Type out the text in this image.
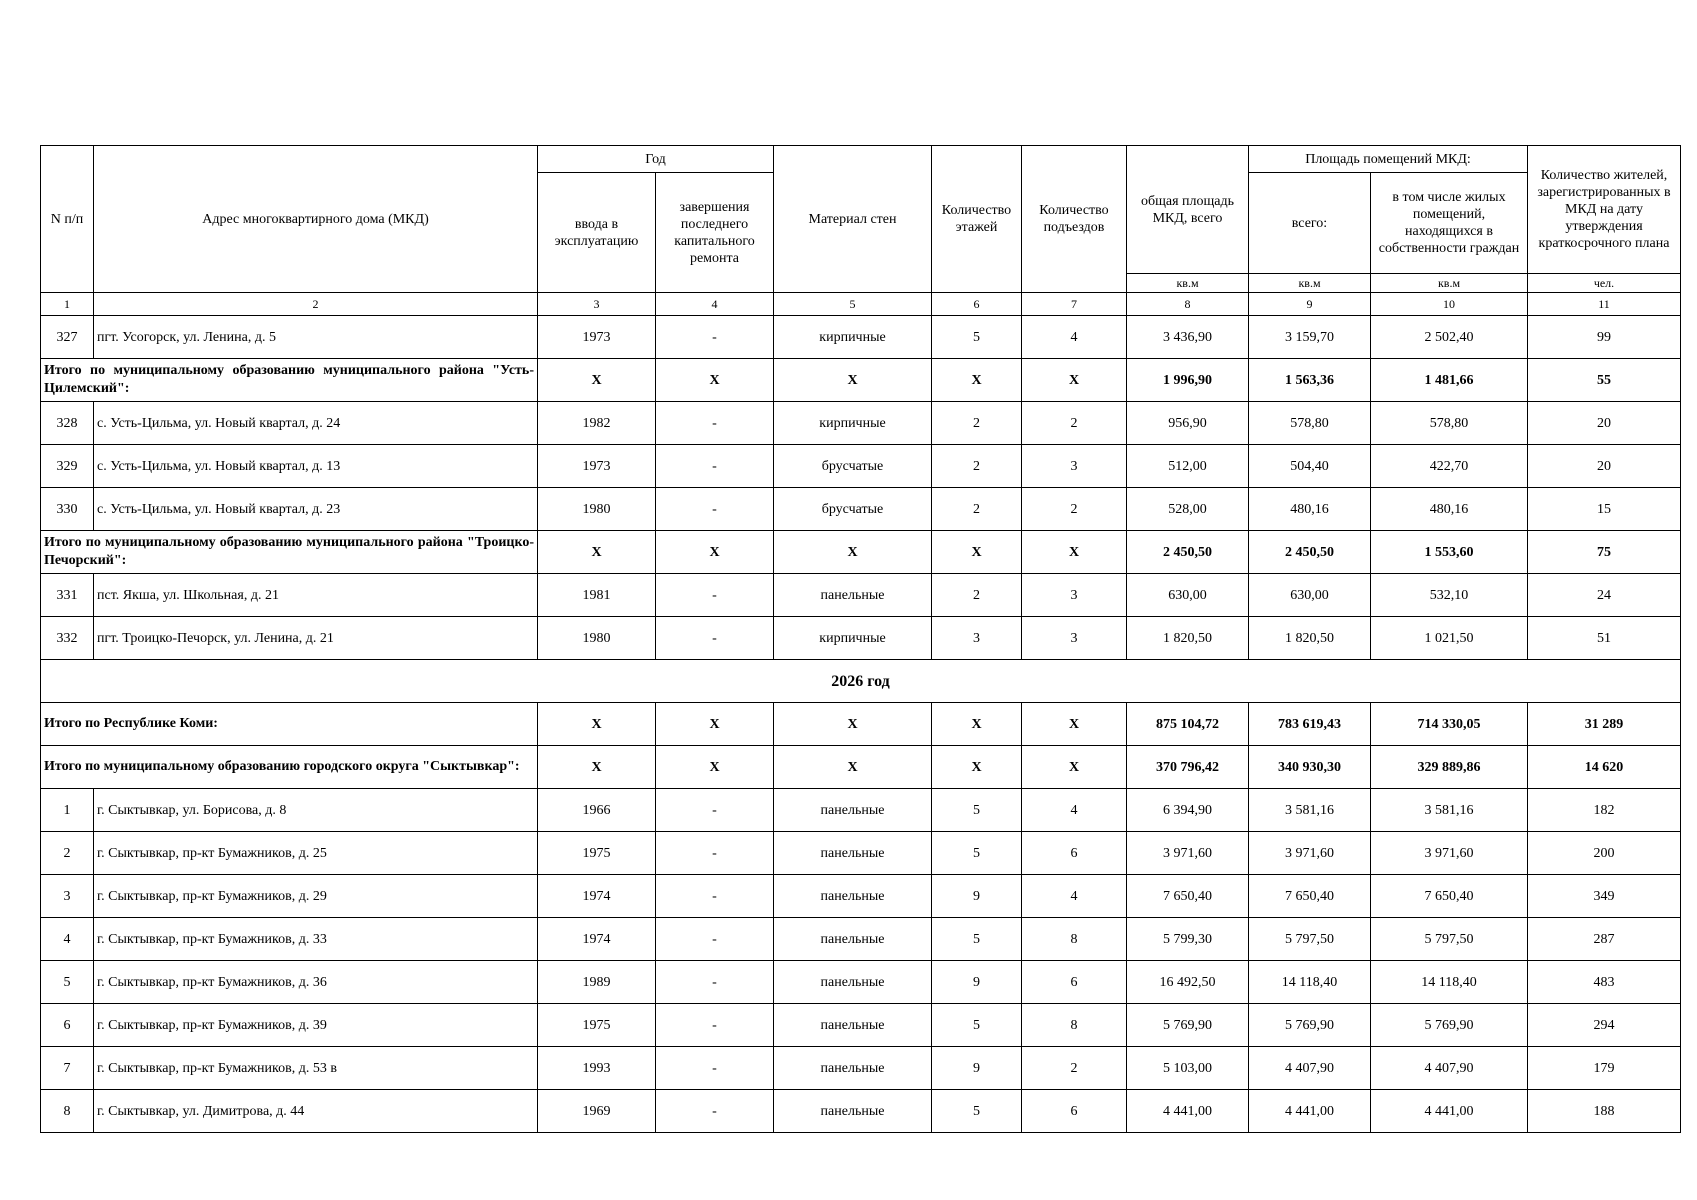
N п/п	Адрес многоквартирного дома (МКД)	Год		Материал стен	Количество этажей	Количество подъездов	общая площадь МКД, всего	Площадь помещений МКД:		Количество жителей, зарегистрированных в МКД на дату утверждения краткосрочного плана
		ввода в эксплуатацию	завершения последнего капитального ремонта					всего:	в том числе жилых помещений, находящихся в собственности граждан	
							кв.м	кв.м	кв.м	чел.
1	2	3	4	5	6	7	8	9	10	11
327	пгт. Усогорск, ул. Ленина, д. 5	1973	-	кирпичные	5	4	3 436,90	3 159,70	2 502,40	99
Итого по муниципальному образованию муниципального района "Усть-Цилемский":		X	X	X	X	X	1 996,90	1 563,36	1 481,66	55
328	с. Усть-Цильма, ул. Новый квартал, д. 24	1982	-	кирпичные	2	2	956,90	578,80	578,80	20
329	с. Усть-Цильма, ул. Новый квартал, д. 13	1973	-	брусчатые	2	3	512,00	504,40	422,70	20
330	с. Усть-Цильма, ул. Новый квартал, д. 23	1980	-	брусчатые	2	2	528,00	480,16	480,16	15
Итого по муниципальному образованию муниципального района "Троицко-Печорский":		X	X	X	X	X	2 450,50	2 450,50	1 553,60	75
331	пст. Якша, ул. Школьная, д. 21	1981	-	панельные	2	3	630,00	630,00	532,10	24
332	пгт. Троицко-Печорск, ул. Ленина, д. 21	1980	-	кирпичные	3	3	1 820,50	1 820,50	1 021,50	51
2026 год										
Итого по Республике Коми:		X	X	X	X	X	875 104,72	783 619,43	714 330,05	31 289
Итого по муниципальному образованию городского округа "Сыктывкар":		X	X	X	X	X	370 796,42	340 930,30	329 889,86	14 620
1	г. Сыктывкар, ул. Борисова, д. 8	1966	-	панельные	5	4	6 394,90	3 581,16	3 581,16	182
2	г. Сыктывкар, пр-кт Бумажников, д. 25	1975	-	панельные	5	6	3 971,60	3 971,60	3 971,60	200
3	г. Сыктывкар, пр-кт Бумажников, д. 29	1974	-	панельные	9	4	7 650,40	7 650,40	7 650,40	349
4	г. Сыктывкар, пр-кт Бумажников, д. 33	1974	-	панельные	5	8	5 799,30	5 797,50	5 797,50	287
5	г. Сыктывкар, пр-кт Бумажников, д. 36	1989	-	панельные	9	6	16 492,50	14 118,40	14 118,40	483
6	г. Сыктывкар, пр-кт Бумажников, д. 39	1975	-	панельные	5	8	5 769,90	5 769,90	5 769,90	294
7	г. Сыктывкар, пр-кт Бумажников, д. 53 в	1993	-	панельные	9	2	5 103,00	4 407,90	4 407,90	179
8	г. Сыктывкар, ул. Димитрова, д. 44	1969	-	панельные	5	6	4 441,00	4 441,00	4 441,00	188
